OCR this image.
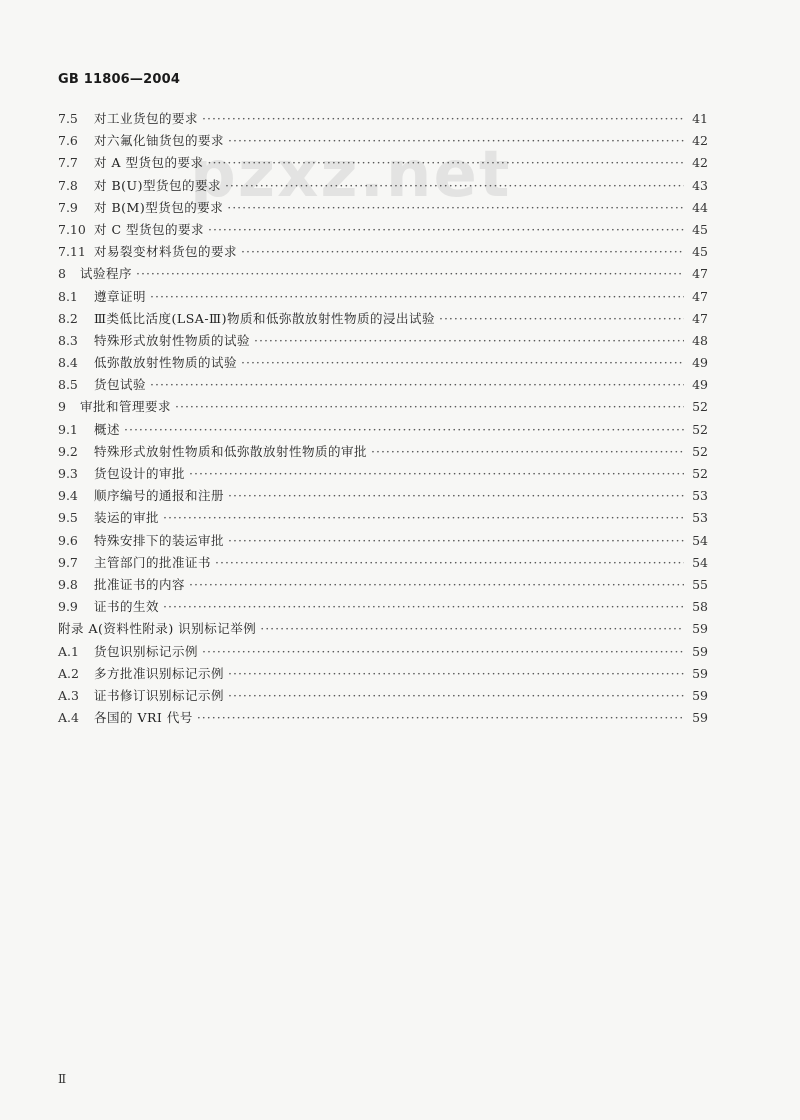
GB 11806—2004
pzxz.net
7.5	对工业货包的要求 ·····	41
7.6	对六氟化铀货包的要求 ·····	42
7.7	对 A 型货包的要求 ·····	42
7.8	对 B(U)型货包的要求 ·····	43
7.9	对 B(M)型货包的要求 ·····	44
7.10 对 C 型货包的要求 ·····	45
7.11 对易裂变材料货包的要求 ·····	45
8	试验程序 ·····	47
8.1	遵章证明 ·····	47
8.2	Ⅲ类低比活度(LSA-Ⅲ)物质和低弥散放射性物质的浸出试验 ·····	47
8.3	特殊形式放射性物质的试验 ·····	48
8.4	低弥散放射性物质的试验 ·····	49
8.5	货包试验 ·····	49
9	审批和管理要求 ·····	52
9.1	概述 ·····	52
9.2	特殊形式放射性物质和低弥散放射性物质的审批 ·····	52
9.3	货包设计的审批 ·····	52
9.4	顺序编号的通报和注册 ·····	53
9.5	装运的审批 ·····	53
9.6	特殊安排下的装运审批 ·····	54
9.7	主管部门的批准证书 ·····	54
9.8	批准证书的内容 ·····	55
9.9	证书的生效 ·····	58
附录 A(资料性附录) 识别标记举例 ·····	59
A.1	货包识别标记示例 ·····	59
A.2	多方批准识别标记示例 ·····	59
A.3	证书修订识别标记示例 ·····	59
A.4	各国的 VRI 代号 ·····	59
Ⅱ
